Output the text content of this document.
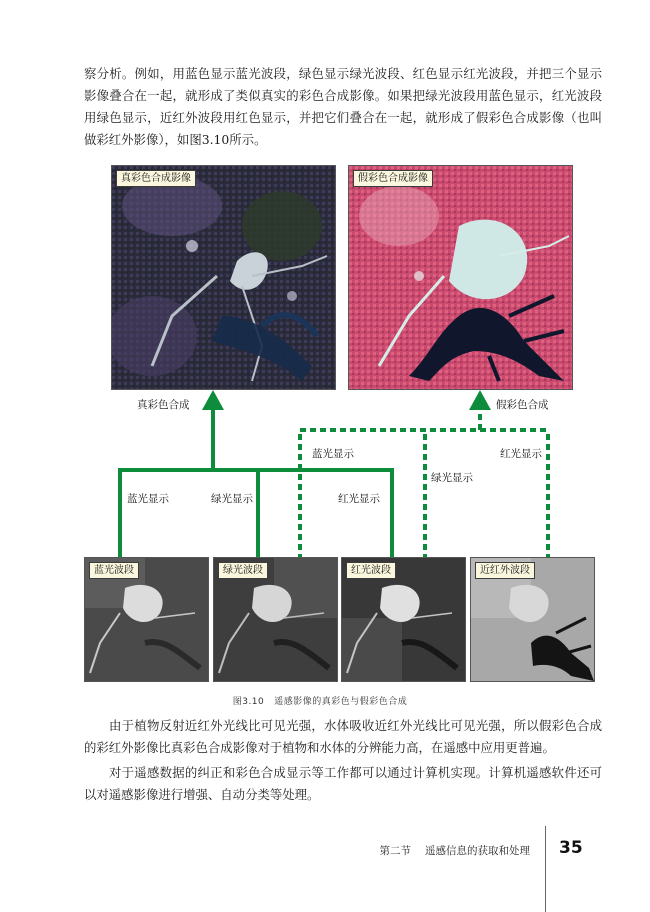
察分析。例如，用蓝色显示蓝光波段，绿色显示绿光波段、红色显示红光波段，并把三个显示影像叠合在一起，就形成了类似真实的彩色合成影像。如果把绿光波段用蓝色显示，红光波段用绿色显示，近红外波段用红色显示，并把它们叠合在一起，就形成了假彩色合成影像（也叫做彩红外影像），如图3.10所示。

真彩色合成影像	假彩色合成影像
真彩色合成	假彩色合成
蓝光显示	红光显示
绿光显示
蓝光显示	绿光显示	红光显示
蓝光波段	绿光波段	红光波段	近红外波段
图3.10 遥感影像的真彩色与假彩色合成

由于植物反射近红外光线比可见光强，水体吸收近红外光线比可见光强，所以假彩色合成的彩红外影像比真彩色合成影像对于植物和水体的分辨能力高，在遥感中应用更普遍。

对于遥感数据的纠正和彩色合成显示等工作都可以通过计算机实现。计算机遥感软件还可以对遥感影像进行增强、自动分类等处理。

第二节 遥感信息的获取和处理 35
